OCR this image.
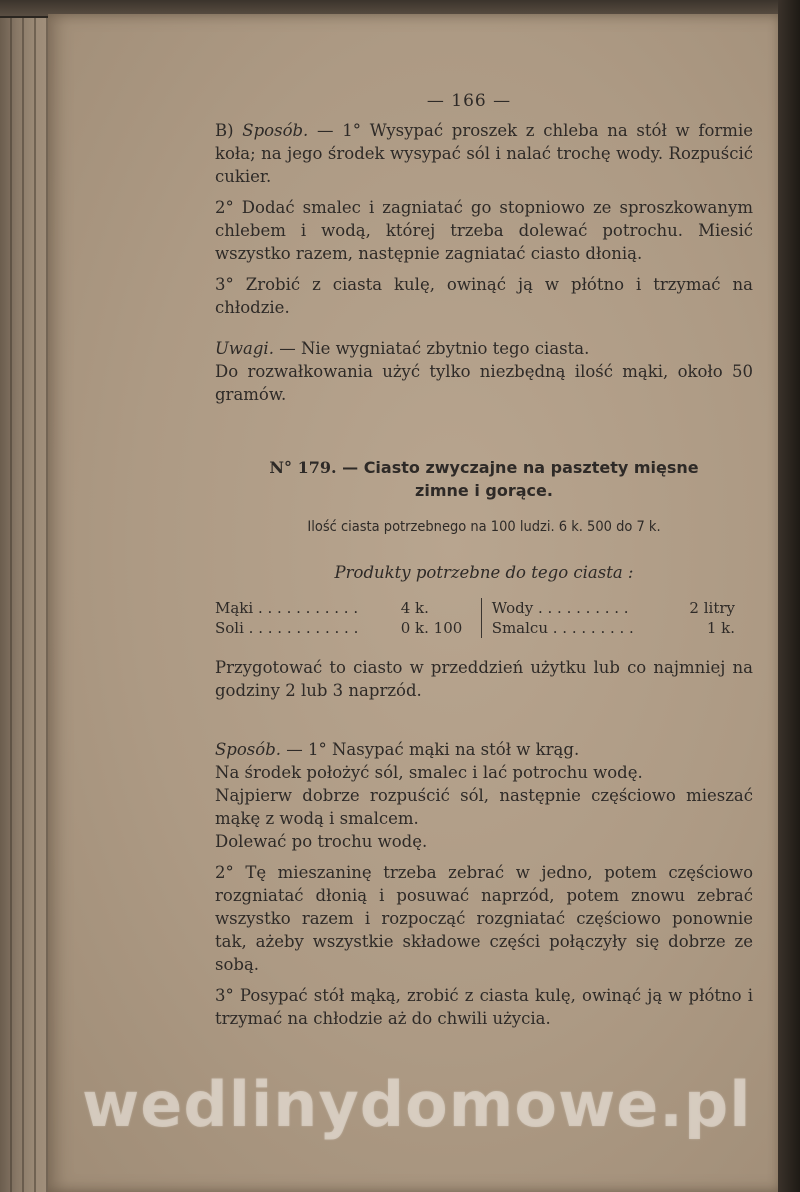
— 166 —

B) Sposób. — 1° Wysypać proszek z chleba na stół w formie koła; na jego środek wysypać sól i nalać trochę wody. Rozpuścić cukier.

2° Dodać smalec i zagniatać go stopniowo ze sproszkowanym chlebem i wodą, której trzeba dolewać potrochu. Miesić wszystko razem, następnie zagniatać ciasto dłonią.

3° Zrobić z ciasta kulę, owinąć ją w płótno i trzymać na chłodzie.

Uwagi. — Nie wygniatać zbytnio tego ciasta.

Do rozwałkowania użyć tylko niezbędną ilość mąki, około 50 gramów.

N° 179. — Ciasto zwyczajne na pasztety mięsne
zimne i gorące.
Ilość ciasta potrzebnego na 100 ludzi. 6 k. 500 do 7 k.
Produkty potrzebne do tego ciasta :
Mąki . . . . . . . . . . .	4 k.		Wody . . . . . . . . . .	2 litry
Soli . . . . . . . . . . . .	0 k. 100		Smalcu . . . . . . . . .	1 k.

Przygotować to ciasto w przeddzień użytku lub co najmniej na godziny 2 lub 3 naprzód.

Sposób. — 1° Nasypać mąki na stół w krąg.

Na środek położyć sól, smalec i lać potrochu wodę.

Najpierw dobrze rozpuścić sól, następnie częściowo mieszać mąkę z wodą i smalcem.

Dolewać po trochu wodę.

2° Tę mieszaninę trzeba zebrać w jedno, potem częściowo rozgniatać dłonią i posuwać naprzód, potem znowu zebrać wszystko razem i rozpocząć rozgniatać częściowo ponownie tak, ażeby wszystkie składowe części połączyły się dobrze ze sobą.

3° Posypać stół mąką, zrobić z ciasta kulę, owinąć ją w płótno i trzymać na chłodzie aż do chwili użycia.

wedlinydomowe.pl
